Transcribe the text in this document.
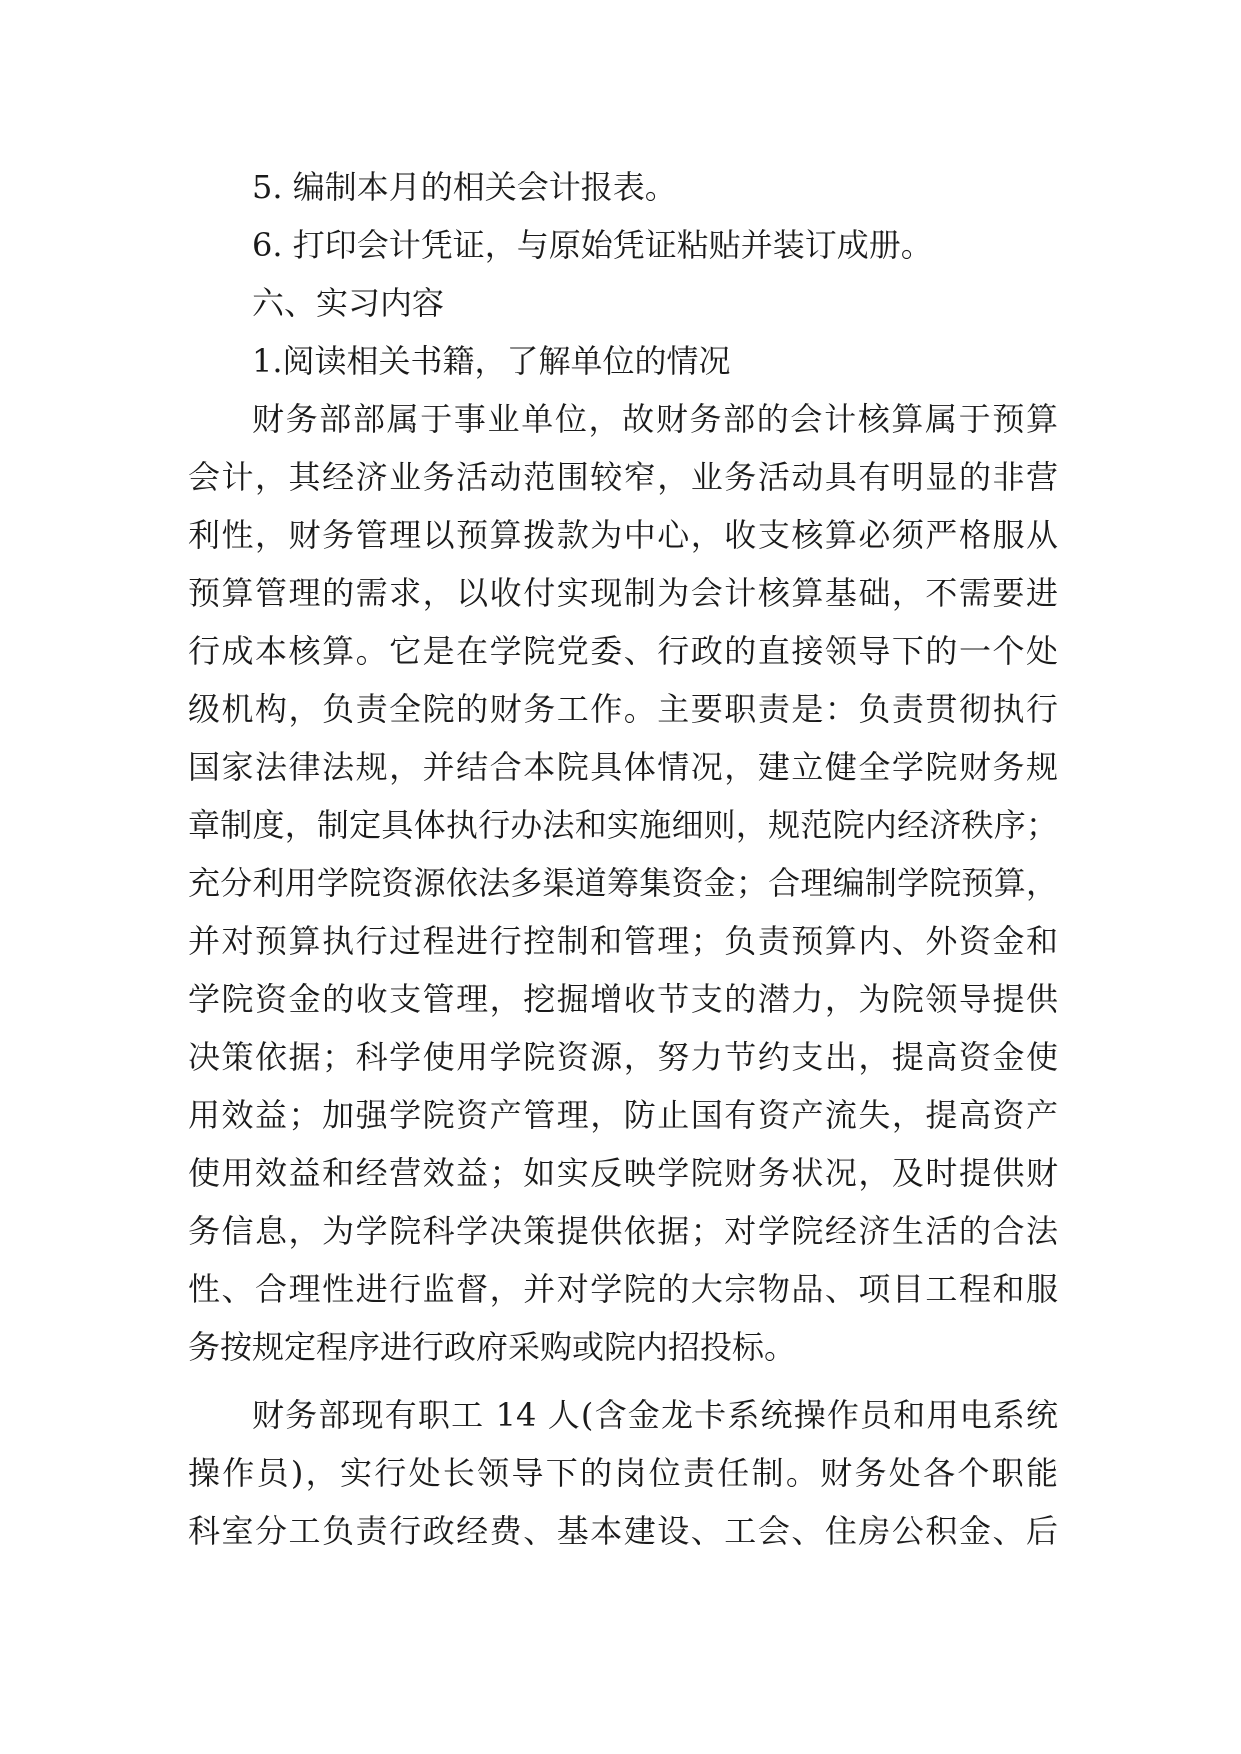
5. 编制本月的相关会计报表。
6. 打印会计凭证，与原始凭证粘贴并装订成册。
六、实习内容
1.阅读相关书籍，了解单位的情况
财务部部属于事业单位，故财务部的会计核算属于预算
会计，其经济业务活动范围较窄，业务活动具有明显的非营
利性，财务管理以预算拨款为中心，收支核算必须严格服从
预算管理的需求，以收付实现制为会计核算基础，不需要进
行成本核算。它是在学院党委、行政的直接领导下的一个处
级机构，负责全院的财务工作。主要职责是：负责贯彻执行
国家法律法规，并结合本院具体情况，建立健全学院财务规
章制度，制定具体执行办法和实施细则，规范院内经济秩序；
充分利用学院资源依法多渠道筹集资金；合理编制学院预算，
并对预算执行过程进行控制和管理；负责预算内、外资金和
学院资金的收支管理，挖掘增收节支的潜力，为院领导提供
决策依据；科学使用学院资源，努力节约支出，提高资金使
用效益；加强学院资产管理，防止国有资产流失，提高资产
使用效益和经营效益；如实反映学院财务状况，及时提供财
务信息，为学院科学决策提供依据；对学院经济生活的合法
性、合理性进行监督，并对学院的大宗物品、项目工程和服
务按规定程序进行政府采购或院内招投标。
财务部现有职工 14 人(含金龙卡系统操作员和用电系统
操作员)，实行处长领导下的岗位责任制。财务处各个职能
科室分工负责行政经费、基本建设、工会、住房公积金、后
